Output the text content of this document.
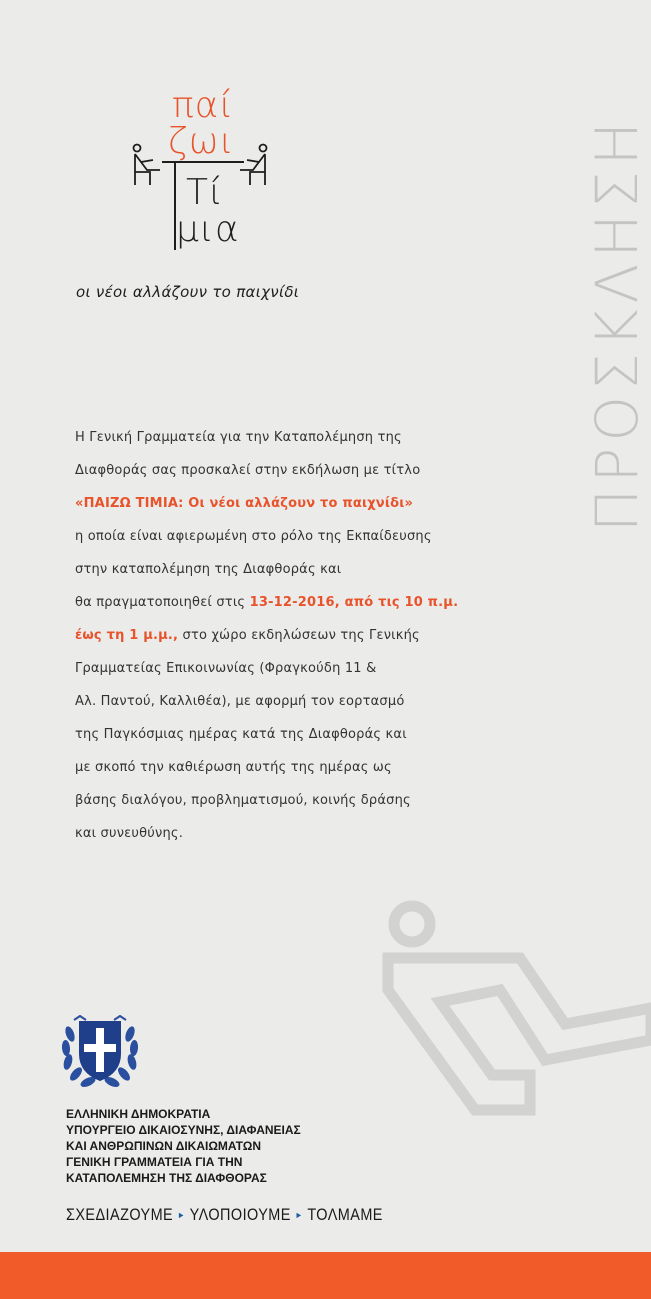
παί
ζωι
Τί
μια
οι νέοι αλλάζουν το παιχνίδι	ΠΡΟΣΚΛΗΣΗ
Η Γενική Γραμματεία για την Καταπολέμηση της
Διαφθοράς σας προσκαλεί στην εκδήλωση με τίτλο
«ΠΑΙΖΩ ΤΙΜΙΑ: Οι νέοι αλλάζουν το παιχνίδι»
η οποία είναι αφιερωμένη στο ρόλο της Εκπαίδευσης
στην καταπολέμηση της Διαφθοράς και
θα πραγματοποιηθεί στις 13-12-2016, από τις 10 π.μ.
έως τη 1 μ.μ., στο χώρο εκδηλώσεων της Γενικής
Γραμματείας Επικοινωνίας (Φραγκούδη 11 &
Αλ. Παντού, Καλλιθέα), με αφορμή τον εορτασμό
της Παγκόσμιας ημέρας κατά της Διαφθοράς και
με σκοπό την καθιέρωση αυτής της ημέρας ως
βάσης διαλόγου, προβληματισμού, κοινής δράσης
και συνευθύνης.
ΕΛΛΗΝΙΚΗ ΔΗΜΟΚΡΑΤΙΑ
ΥΠΟΥΡΓΕΙΟ ΔΙΚΑΙΟΣΥΝΗΣ, ΔΙΑΦΑΝΕΙΑΣ
ΚΑΙ ΑΝΘΡΩΠΙΝΩΝ ΔΙΚΑΙΩΜΑΤΩΝ
ΓΕΝΙΚΗ ΓΡΑΜΜΑΤΕΙΑ ΓΙΑ ΤΗΝ
ΚΑΤΑΠΟΛΕΜΗΣΗ ΤΗΣ ΔΙΑΦΘΟΡΑΣ
ΣΧΕΔΙΑΖΟΥΜΕ ► ΥΛΟΠΟΙΟΥΜΕ ► ΤΟΛΜΑΜΕ
